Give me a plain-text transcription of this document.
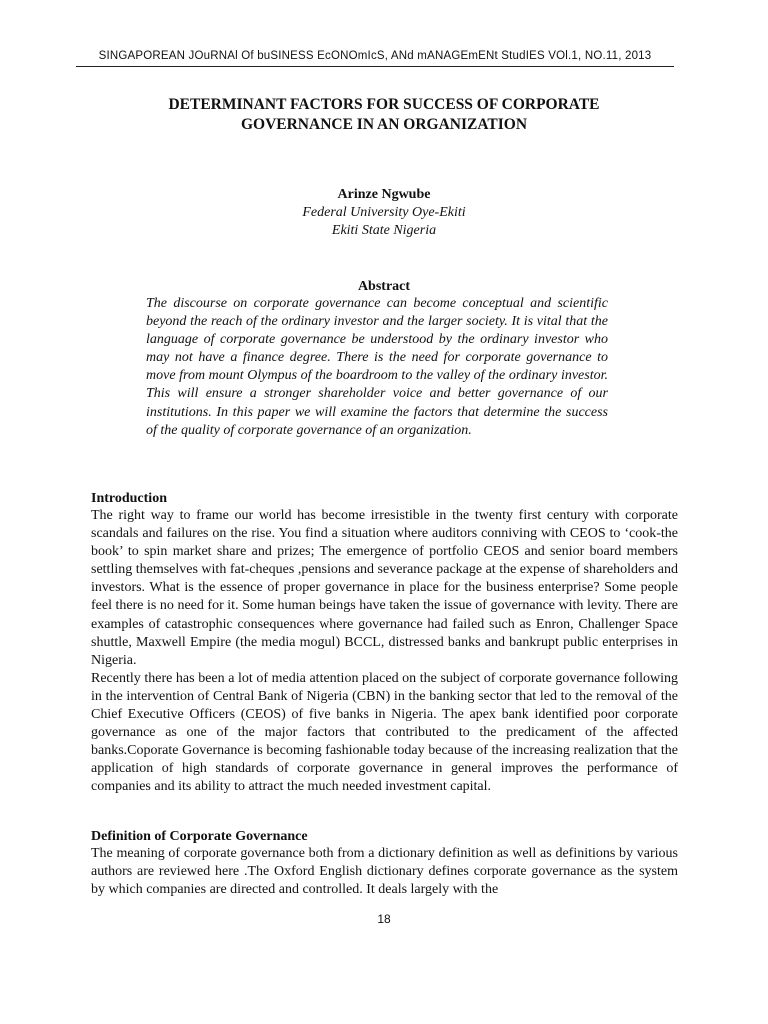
SINGAPOREAN JOuRNAl Of buSINESS EcONOmIcS, ANd mANAGEmENt StudIES VOl.1, NO.11, 2013
DETERMINANT FACTORS FOR SUCCESS OF CORPORATE
GOVERNANCE IN AN ORGANIZATION
Arinze Ngwube
Federal University Oye-Ekiti
Ekiti State Nigeria
Abstract
The discourse on corporate governance can become conceptual and scientific beyond the reach of the ordinary investor and the larger society. It is vital that the language of corporate governance be understood by the ordinary investor who may not have a finance degree. There is the need for corporate governance to move from mount Olympus of the boardroom to the valley of the ordinary investor. This will ensure a stronger shareholder voice and better governance of our institutions. In this paper we will examine the factors that determine the success of the quality of corporate governance of an organization.
Introduction

The right way to frame our world has become irresistible in the twenty first century with corporate scandals and failures on the rise. You find a situation where auditors conniving with CEOS to ‘cook-the book’ to spin market share and prizes; The emergence of portfolio CEOS and senior board members settling themselves with fat-cheques ,pensions and severance package at the expense of shareholders and investors. What is the essence of proper governance in place for the business enterprise? Some people feel there is no need for it. Some human beings have taken the issue of governance with levity. There are examples of catastrophic consequences where governance had failed such as Enron, Challenger Space shuttle, Maxwell Empire (the media mogul) BCCL, distressed banks and bankrupt public enterprises in Nigeria.

Recently there has been a lot of media attention placed on the subject of corporate governance following in the intervention of Central Bank of Nigeria (CBN) in the banking sector that led to the removal of the Chief Executive Officers (CEOS) of five banks in Nigeria. The apex bank identified poor corporate governance as one of the major factors that contributed to the predicament of the affected banks.Coporate Governance is becoming fashionable today because of the increasing realization that the application of high standards of corporate governance in general improves the performance of companies and its ability to attract the much needed investment capital.

Definition of Corporate Governance

The meaning of corporate governance both from a dictionary definition as well as definitions by various authors are reviewed here .The Oxford English dictionary defines corporate governance as the system by which companies are directed and controlled. It deals largely with the

18
